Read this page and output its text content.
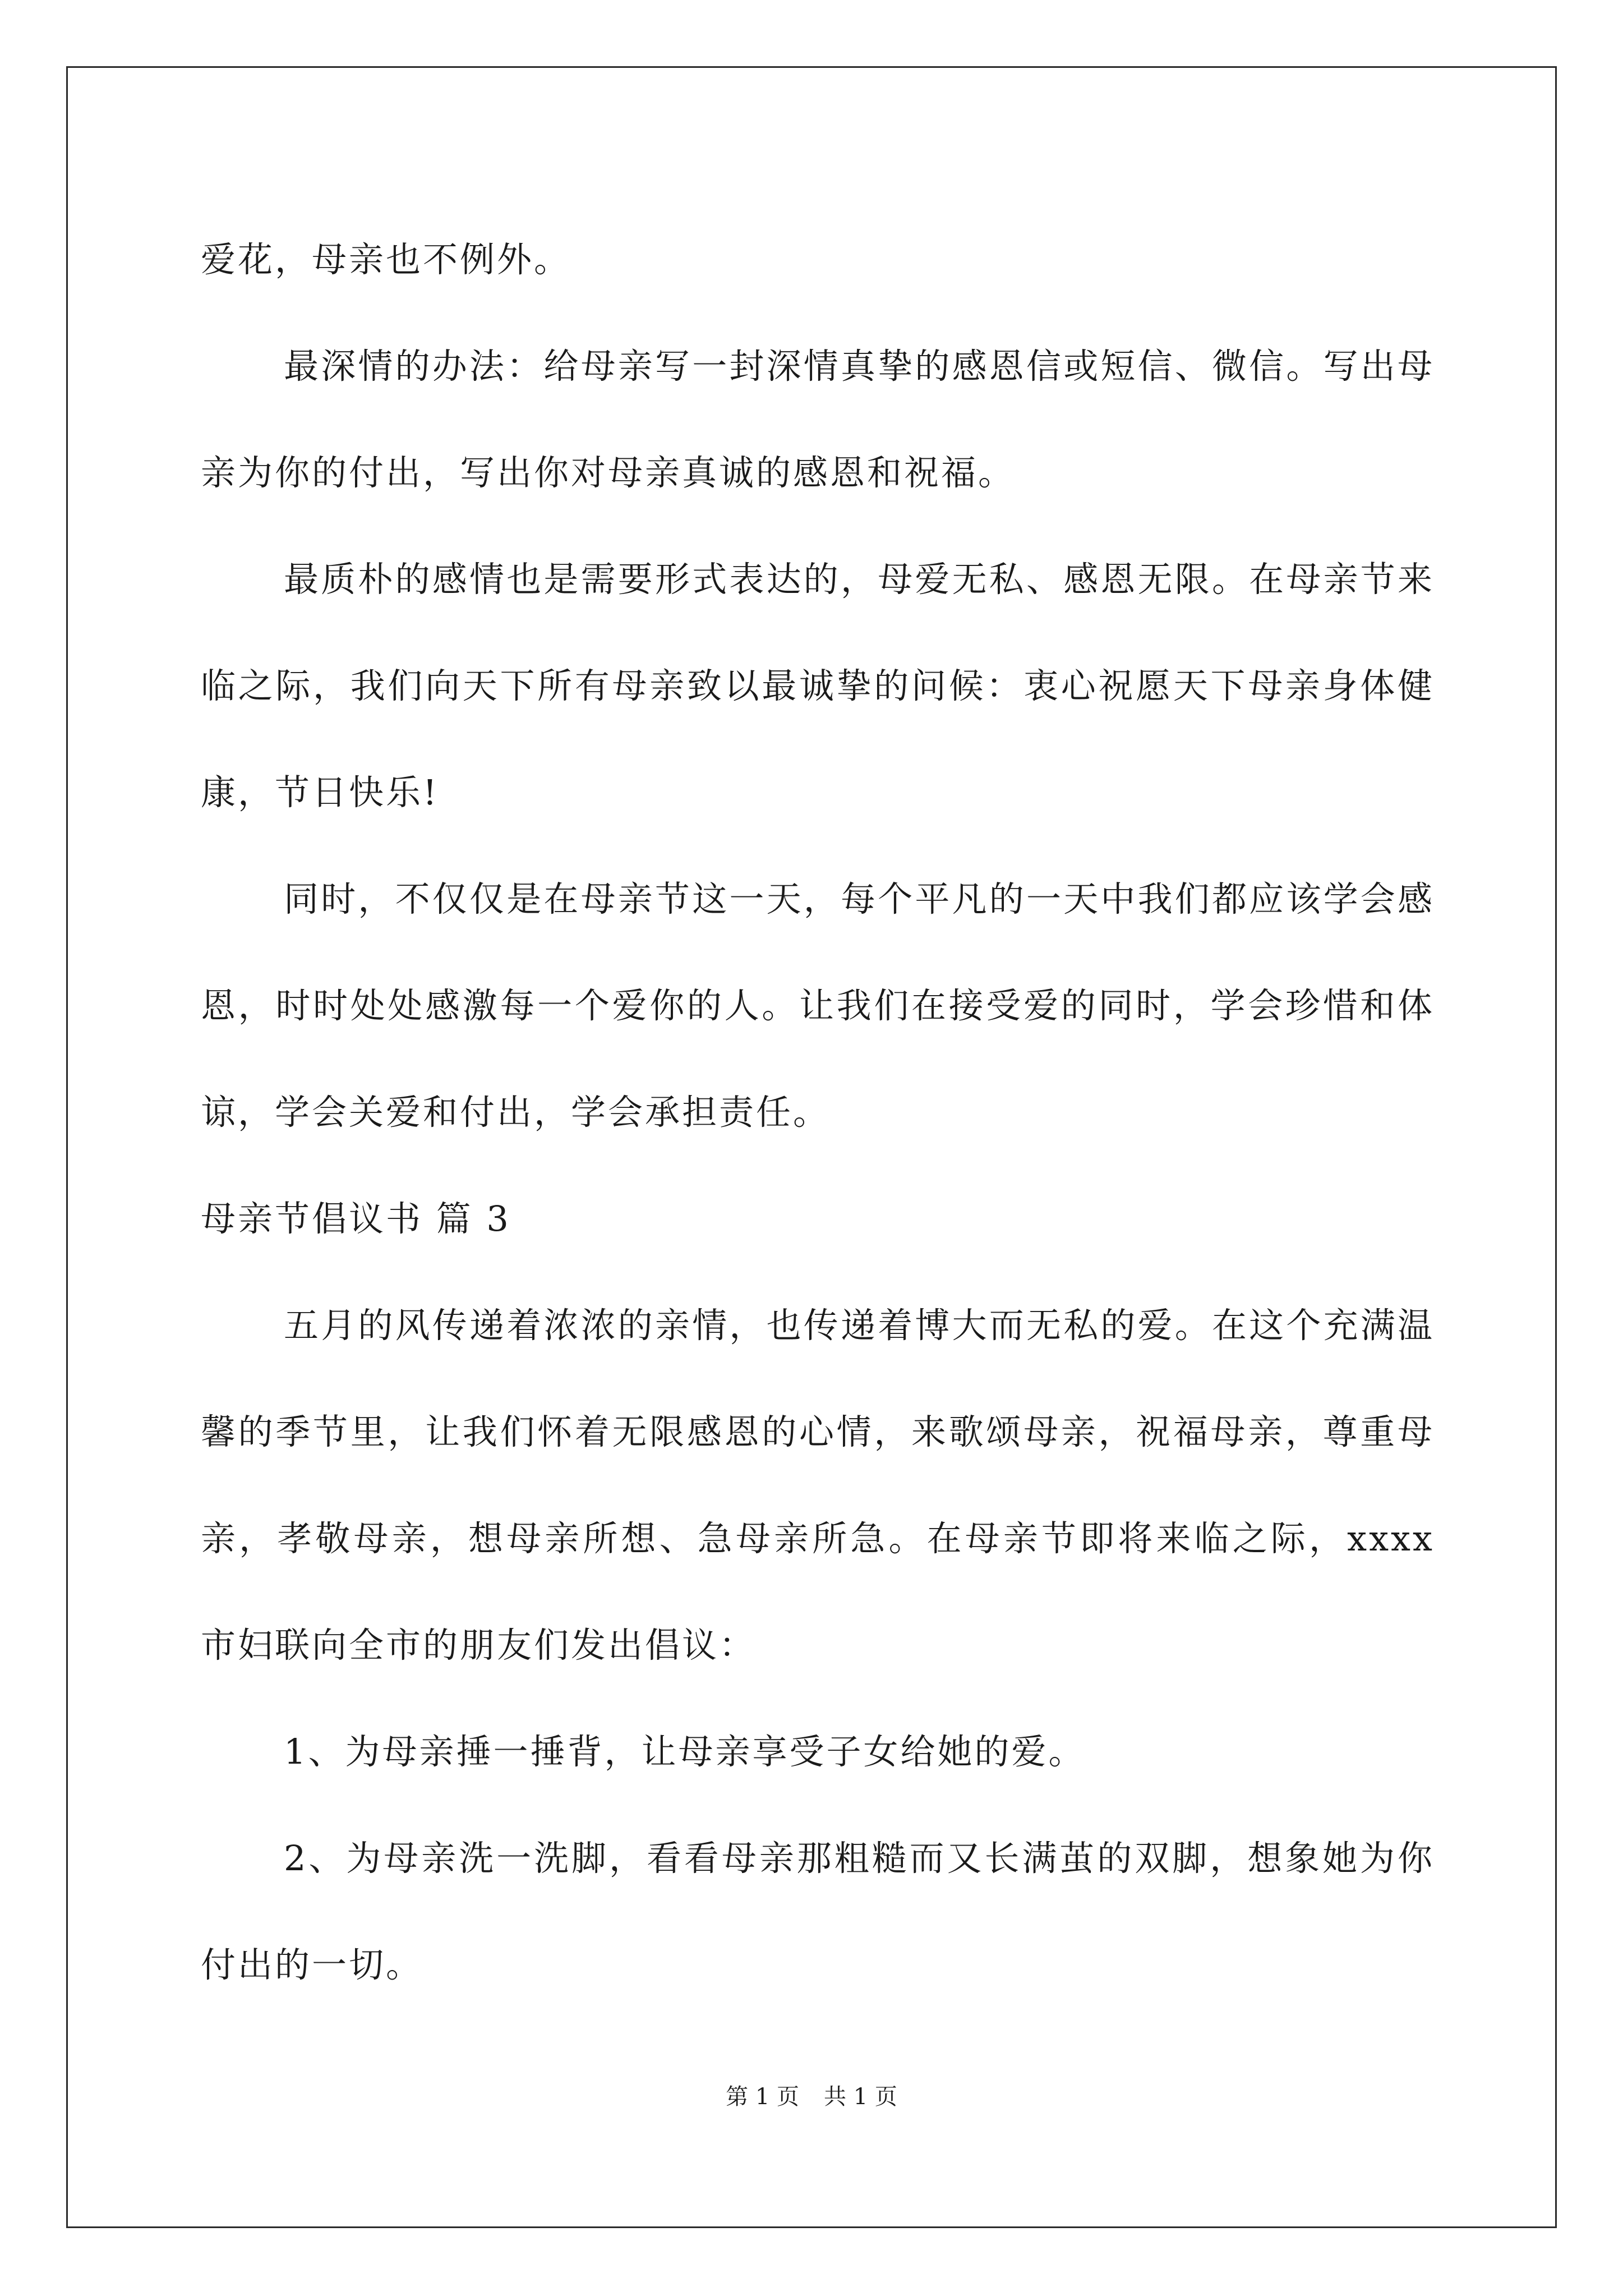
爱花，母亲也不例外。

最深情的办法：给母亲写一封深情真挚的感恩信或短信、微信。写出母亲为你的付出，写出你对母亲真诚的感恩和祝福。

最质朴的感情也是需要形式表达的，母爱无私、感恩无限。在母亲节来临之际，我们向天下所有母亲致以最诚挚的问候：衷心祝愿天下母亲身体健康，节日快乐!

同时，不仅仅是在母亲节这一天，每个平凡的一天中我们都应该学会感恩，时时处处感激每一个爱你的人。让我们在接受爱的同时，学会珍惜和体谅，学会关爱和付出，学会承担责任。

母亲节倡议书 篇 3

五月的风传递着浓浓的亲情，也传递着博大而无私的爱。在这个充满温馨的季节里，让我们怀着无限感恩的心情，来歌颂母亲，祝福母亲，尊重母亲，孝敬母亲，想母亲所想、急母亲所急。在母亲节即将来临之际，xxxx 市妇联向全市的朋友们发出倡议：

1、为母亲捶一捶背，让母亲享受子女给她的爱。

2、为母亲洗一洗脚，看看母亲那粗糙而又长满茧的双脚，想象她为你付出的一切。

第 1 页 共 1 页
